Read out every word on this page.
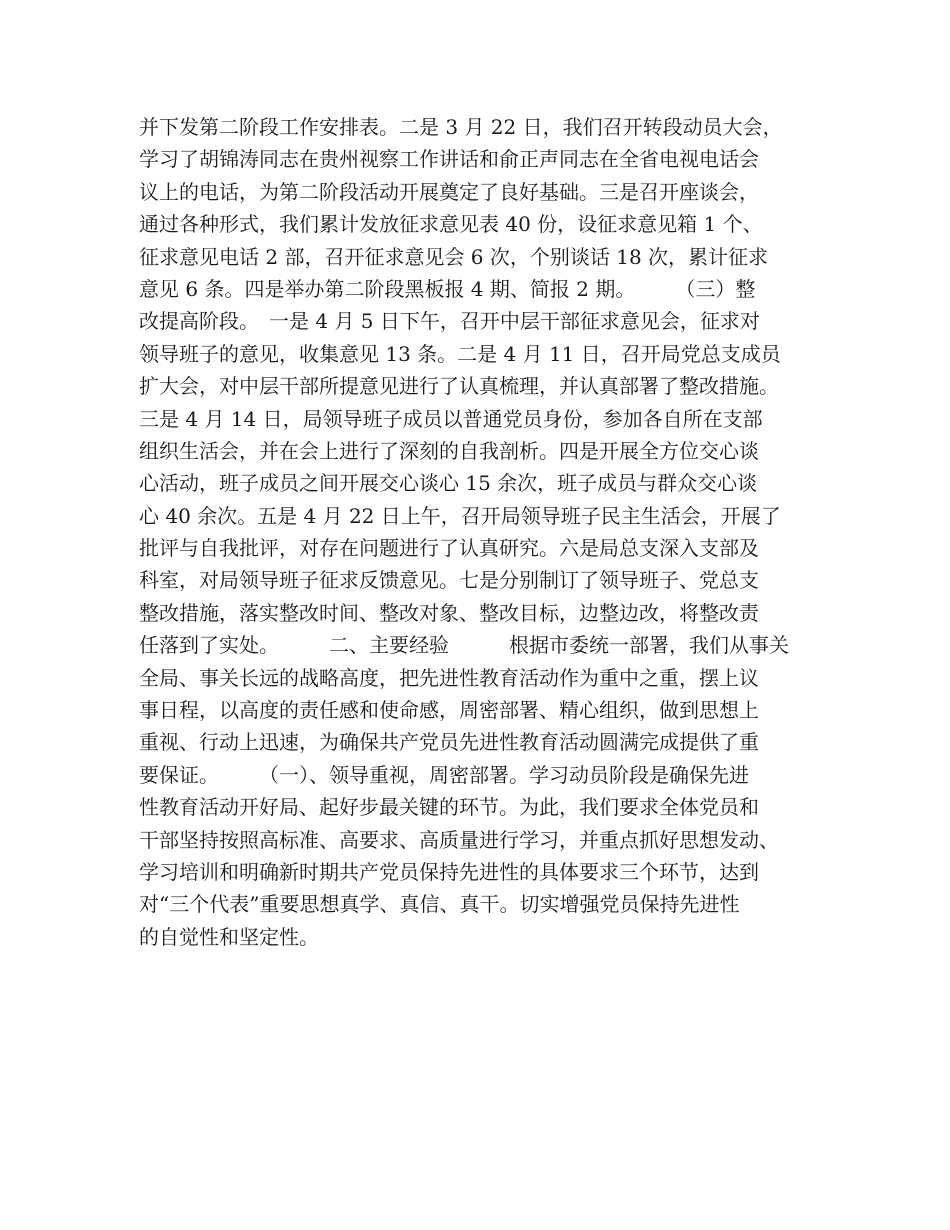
并下发第二阶段工作安排表。二是 3 月 22 日，我们召开转段动员大会，
学习了胡锦涛同志在贵州视察工作讲话和俞正声同志在全省电视电话会
议上的电话，为第二阶段活动开展奠定了良好基础。三是召开座谈会，
通过各种形式，我们累计发放征求意见表 40 份，设征求意见箱 1 个、
征求意见电话 2 部，召开征求意见会 6 次，个别谈话 18 次，累计征求
意见 6 条。四是举办第二阶段黑板报 4 期、简报 2 期。　　　（三）整
改提高阶段。　一是 4 月 5 日下午，召开中层干部征求意见会，征求对
领导班子的意见，收集意见 13 条。二是 4 月 11 日，召开局党总支成员
扩大会，对中层干部所提意见进行了认真梳理，并认真部署了整改措施。
三是 4 月 14 日，局领导班子成员以普通党员身份，参加各自所在支部
组织生活会，并在会上进行了深刻的自我剖析。四是开展全方位交心谈
心活动，班子成员之间开展交心谈心 15 余次，班子成员与群众交心谈
心 40 余次。五是 4 月 22 日上午，召开局领导班子民主生活会，开展了
批评与自我批评，对存在问题进行了认真研究。六是局总支深入支部及
科室，对局领导班子征求反馈意见。七是分别制订了领导班子、党总支
整改措施，落实整改时间、整改对象、整改目标，边整边改，将整改责
任落到了实处。　　　二、主要经验　　　根据市委统一部署，我们从事关
全局、事关长远的战略高度，把先进性教育活动作为重中之重，摆上议
事日程，以高度的责任感和使命感，周密部署、精心组织，做到思想上
重视、行动上迅速，为确保共产党员先进性教育活动圆满完成提供了重
要保证。　　　（一）、领导重视，周密部署。学习动员阶段是确保先进
性教育活动开好局、起好步最关键的环节。为此，我们要求全体党员和
干部坚持按照高标准、高要求、高质量进行学习，并重点抓好思想发动、
学习培训和明确新时期共产党员保持先进性的具体要求三个环节，达到
对“三个代表”重要思想真学、真信、真干。切实增强党员保持先进性
的自觉性和坚定性。
